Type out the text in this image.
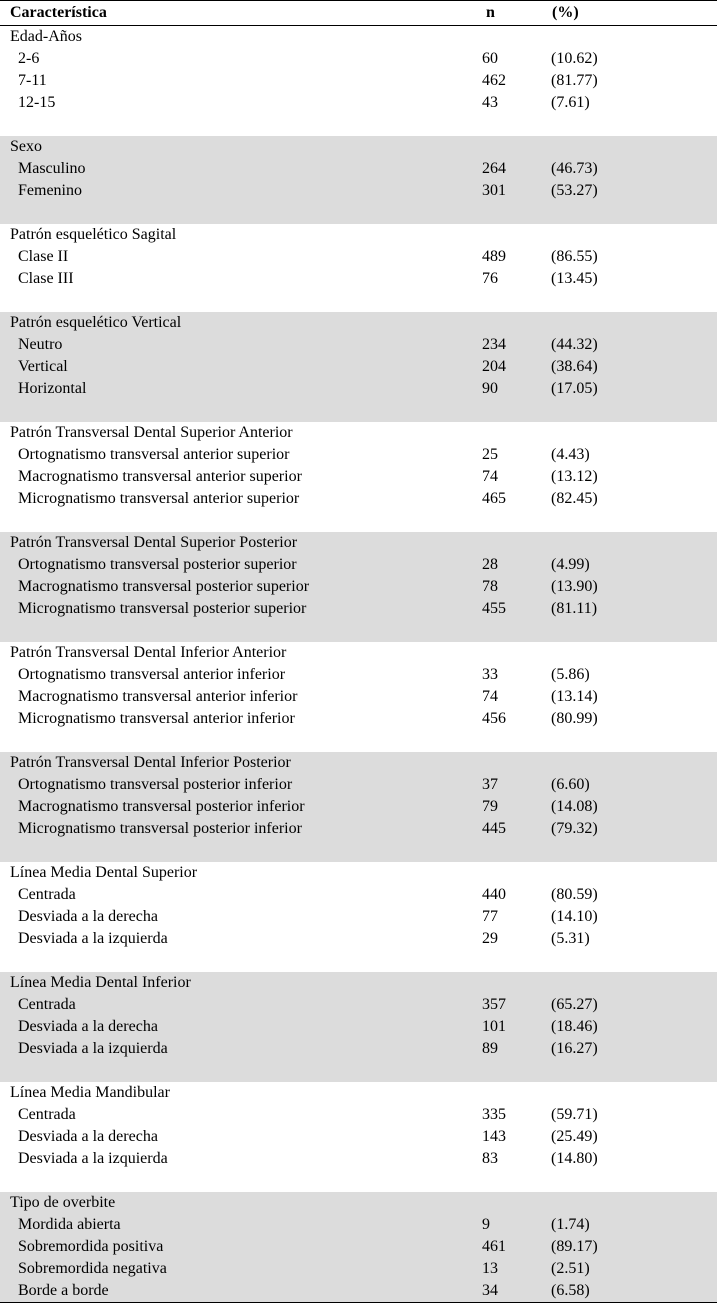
Característica	n	(%)
Edad-Años
2-6	60	(10.62)
7-11	462	(81.77)
12-15	43	(7.61)
Sexo
Masculino	264	(46.73)
Femenino	301	(53.27)
Patrón esquelético Sagital
Clase II	489	(86.55)
Clase III	76	(13.45)
Patrón esquelético Vertical
Neutro	234	(44.32)
Vertical	204	(38.64)
Horizontal	90	(17.05)
Patrón Transversal Dental Superior Anterior
Ortognatismo transversal anterior superior	25	(4.43)
Macrognatismo transversal anterior superior	74	(13.12)
Micrognatismo transversal anterior superior	465	(82.45)
Patrón Transversal Dental Superior Posterior
Ortognatismo transversal posterior superior	28	(4.99)
Macrognatismo transversal posterior superior	78	(13.90)
Micrognatismo transversal posterior superior	455	(81.11)
Patrón Transversal Dental Inferior Anterior
Ortognatismo transversal anterior inferior	33	(5.86)
Macrognatismo transversal anterior inferior	74	(13.14)
Micrognatismo transversal anterior inferior	456	(80.99)
Patrón Transversal Dental Inferior Posterior
Ortognatismo transversal posterior inferior	37	(6.60)
Macrognatismo transversal posterior inferior	79	(14.08)
Micrognatismo transversal posterior inferior	445	(79.32)
Línea Media Dental Superior
Centrada	440	(80.59)
Desviada a la derecha	77	(14.10)
Desviada a la izquierda	29	(5.31)
Línea Media Dental Inferior
Centrada	357	(65.27)
Desviada a la derecha	101	(18.46)
Desviada a la izquierda	89	(16.27)
Línea Media Mandibular
Centrada	335	(59.71)
Desviada a la derecha	143	(25.49)
Desviada a la izquierda	83	(14.80)
Tipo de overbite
Mordida abierta	9	(1.74)
Sobremordida positiva	461	(89.17)
Sobremordida negativa	13	(2.51)
Borde a borde	34	(6.58)
